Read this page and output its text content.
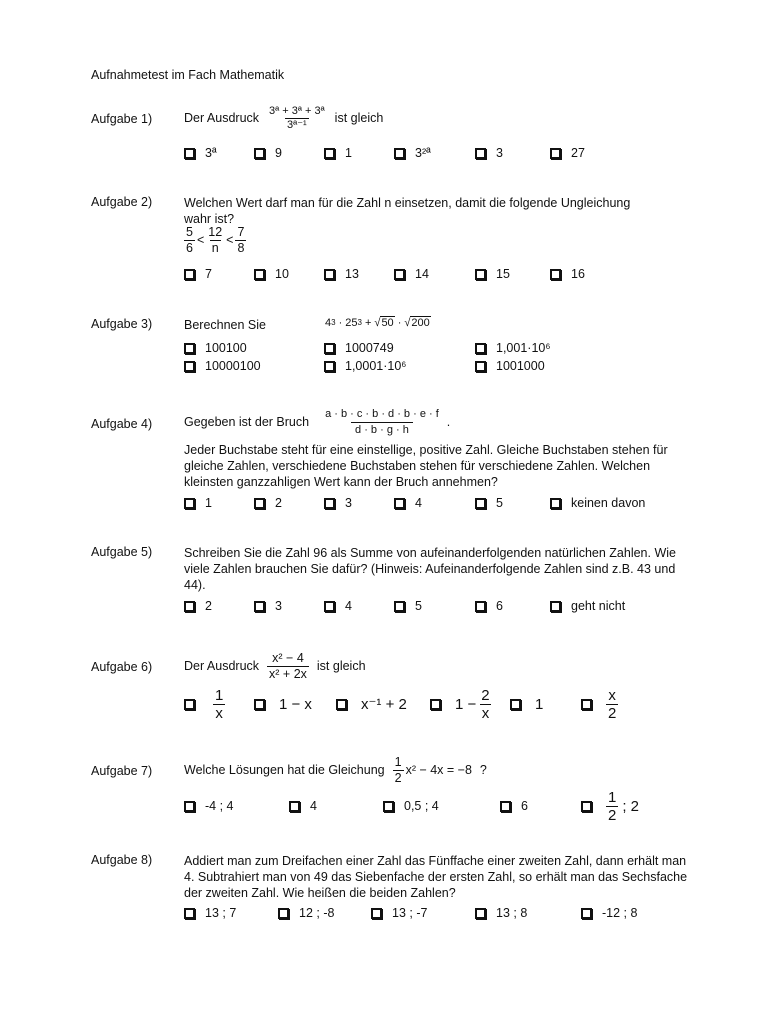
Aufnahmetest im Fach Mathematik
Aufgabe 1)	Der Ausdruck $\frac{\text{3ª + 3ª + 3ª}}{\text{3ª⁻¹}}$ ist gleich
3ª	9	1	3²ª	3	27
Aufgabe 2)	Welchen Wert darf man für die Zahl n einsetzen, damit die folgende Ungleichung
wahr ist?
$\frac{5}{6} < \frac{12}{n} < \frac{7}{8}$
7	10	13	14	15	16
Aufgabe 3)	Berechnen Sie	4 3 · 25 3 + √ 50 · √ 200
100100	1000749	1,001·10⁶
10000100	1,0001·10⁶	1001000
Aufgabe 4)	Gegeben ist der Bruch $\frac{a \cdot b \cdot c \cdot b \cdot d \cdot b \cdot e \cdot f}{d \cdot b \cdot g \cdot h}$ .
Jeder Buchstabe steht für eine einstellige, positive Zahl. Gleiche Buchstaben stehen für gleiche Zahlen, verschiedene Buchstaben stehen für verschiedene Zahlen. Welchen kleinsten ganzzahligen Wert kann der Bruch annehmen?
1	2	3	4	5	keinen davon
Aufgabe 5)	Schreiben Sie die Zahl 96 als Summe von aufeinanderfolgenden natürlichen Zahlen. Wie viele Zahlen brauchen Sie dafür? (Hinweis: Aufeinanderfolgende Zahlen sind z.B. 43 und 44).
2	3	4	5	6	geht nicht
Aufgabe 6)	Der Ausdruck $\frac{\text{x² − 4}}{\text{x² + 2x}}$ ist gleich
$\frac{1}{x}$	1 − x	x⁻¹ + 2	$1 - \frac{2}{x}$	1	$\frac{x}{2}$
Aufgabe 7)	Welche Lösungen hat die Gleichung $\frac{1}{2} x^2 - 4x = -8$ ?
-4 ; 4	4	0,5 ; 4	6	$\frac{1}{2}$ ; 2
Aufgabe 8)	Addiert man zum Dreifachen einer Zahl das Fünffache einer zweiten Zahl, dann erhält man 4. Subtrahiert man von 49 das Siebenfache der ersten Zahl, so erhält man das Sechsfache der zweiten Zahl. Wie heißen die beiden Zahlen?
13 ; 7	12 ; -8	13 ; -7	13 ; 8	-12 ; 8
